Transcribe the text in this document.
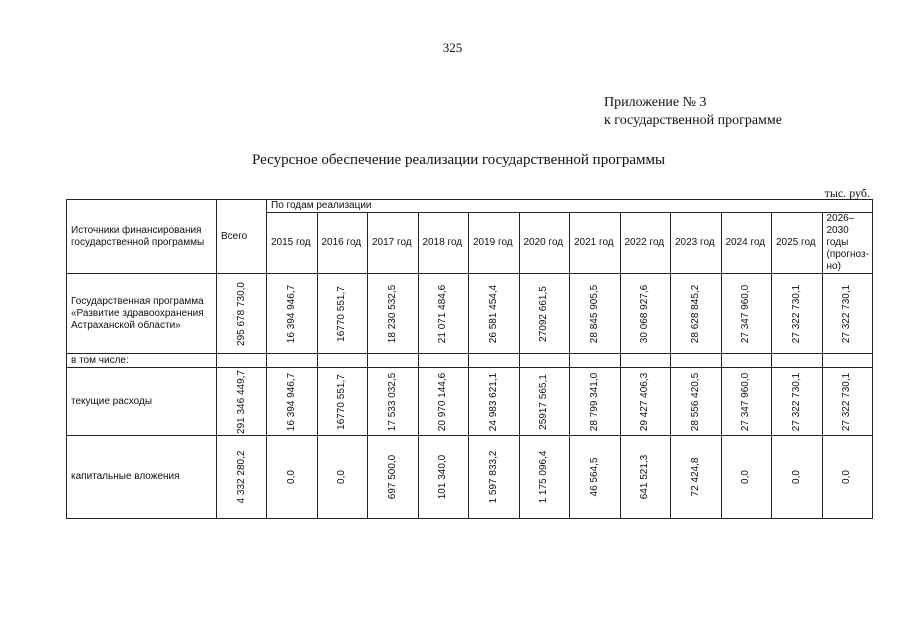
325
Приложение № 3
к государственной программе
Ресурсное обеспечение реализации государственной программы
тыс. руб.
Источники финансирования государственной программы	Всего	По годам реализации											
		2015 год	2016 год	2017 год	2018 год	2019 год	2020 год	2021 год	2022 год	2023 год	2024 год	2025 год	2026–2030 годы (прогноз- но)
Государственная программа «Развитие здравоохранения Астраханской области»	295 678 730,0	16 394 946,7	16770 551,7	18 230 532,5	21 071 484,6	26 581 454,4	27092 661,5	28 845 905,5	30 068 927,6	28 628 845,2	27 347 960,0	27 322 730,1	27 322 730,1

в том числе:													
текущие расходы	291 346 449,7	16 394 946,7	16770 551,7	17 533 032,5	20 970 144,6	24 983 621,1	25917 565,1	28 799 341,0	29 427 406,3	28 556 420,5	27 347 960,0	27 322 730,1	27 322 730,1

капитальные вложения	4 332 280,2	0,0	0,0	697 500,0	101 340,0	1 597 833,2	1 175 096,4	46 564,5	641 521,3	72 424,8	0,0	0,0	0,0
